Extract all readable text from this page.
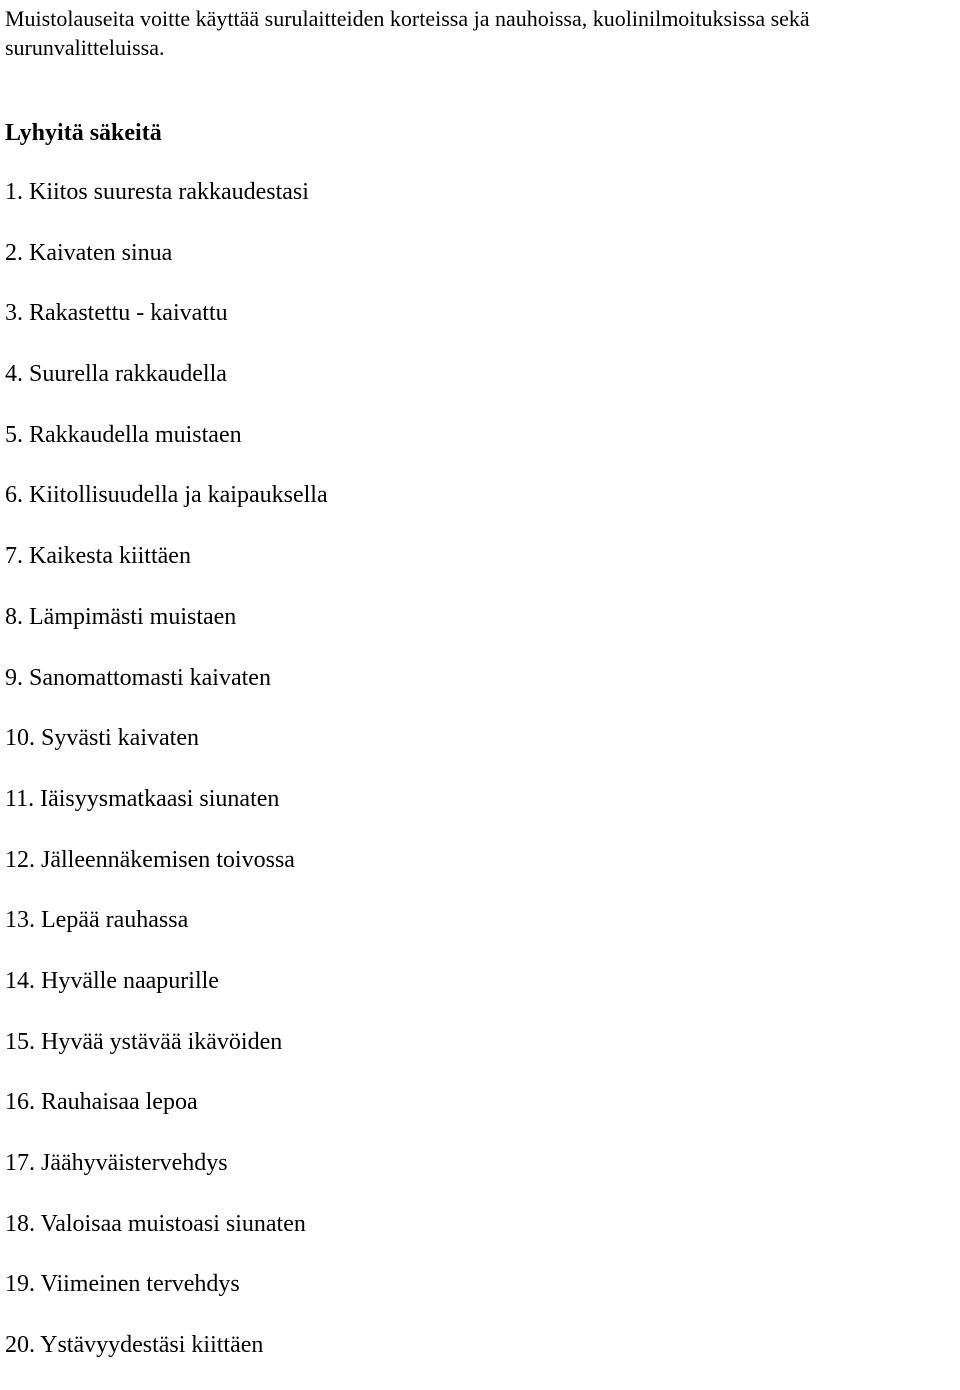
Muistolauseita voitte käyttää surulaitteiden korteissa ja nauhoissa, kuolinilmoituksissa sekä surunvalitteluissa.

Lyhyitä säkeitä
1. Kiitos suuresta rakkaudestasi
2. Kaivaten sinua
3. Rakastettu - kaivattu
4. Suurella rakkaudella
5. Rakkaudella muistaen
6. Kiitollisuudella ja kaipauksella
7. Kaikesta kiittäen
8. Lämpimästi muistaen
9. Sanomattomasti kaivaten
10. Syvästi kaivaten
11. Iäisyysmatkaasi siunaten
12. Jälleennäkemisen toivossa
13. Lepää rauhassa
14. Hyvälle naapurille
15. Hyvää ystävää ikävöiden
16. Rauhaisaa lepoa
17. Jäähyväistervehdys
18. Valoisaa muistoasi siunaten
19. Viimeinen tervehdys
20. Ystävyydestäsi kiittäen
